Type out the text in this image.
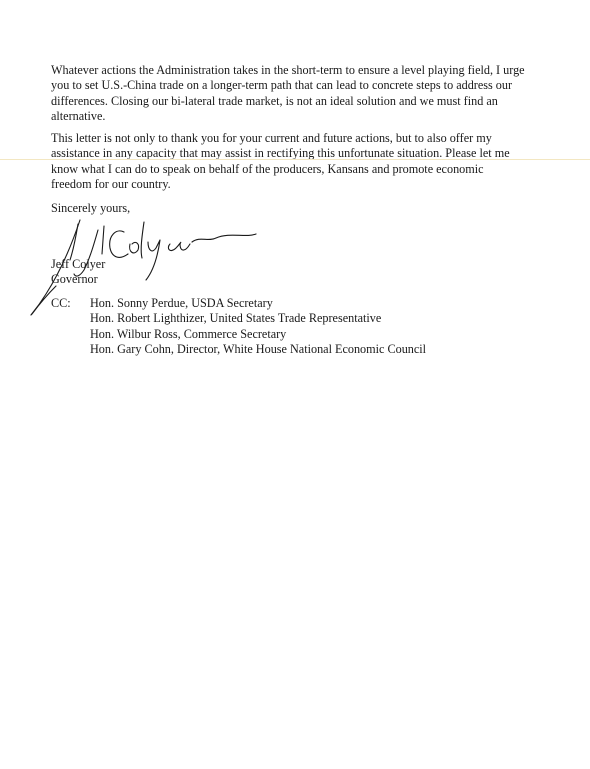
Whatever actions the Administration takes in the short-term to ensure a level playing field, I urge
you to set U.S.-China trade on a longer-term path that can lead to concrete steps to address our
differences. Closing our bi-lateral trade market, is not an ideal solution and we must find an
alternative.

This letter is not only to thank you for your current and future actions, but to also offer my
assistance in any capacity that may assist in rectifying this unfortunate situation. Please let me
know what I can do to speak on behalf of the producers, Kansans and promote economic
freedom for our country.

Sincerely yours,
Jeff Colyer
Governor
CC: Hon. Sonny Perdue, USDA Secretary
Hon. Robert Lighthizer, United States Trade Representative
Hon. Wilbur Ross, Commerce Secretary
Hon. Gary Cohn, Director, White House National Economic Council
